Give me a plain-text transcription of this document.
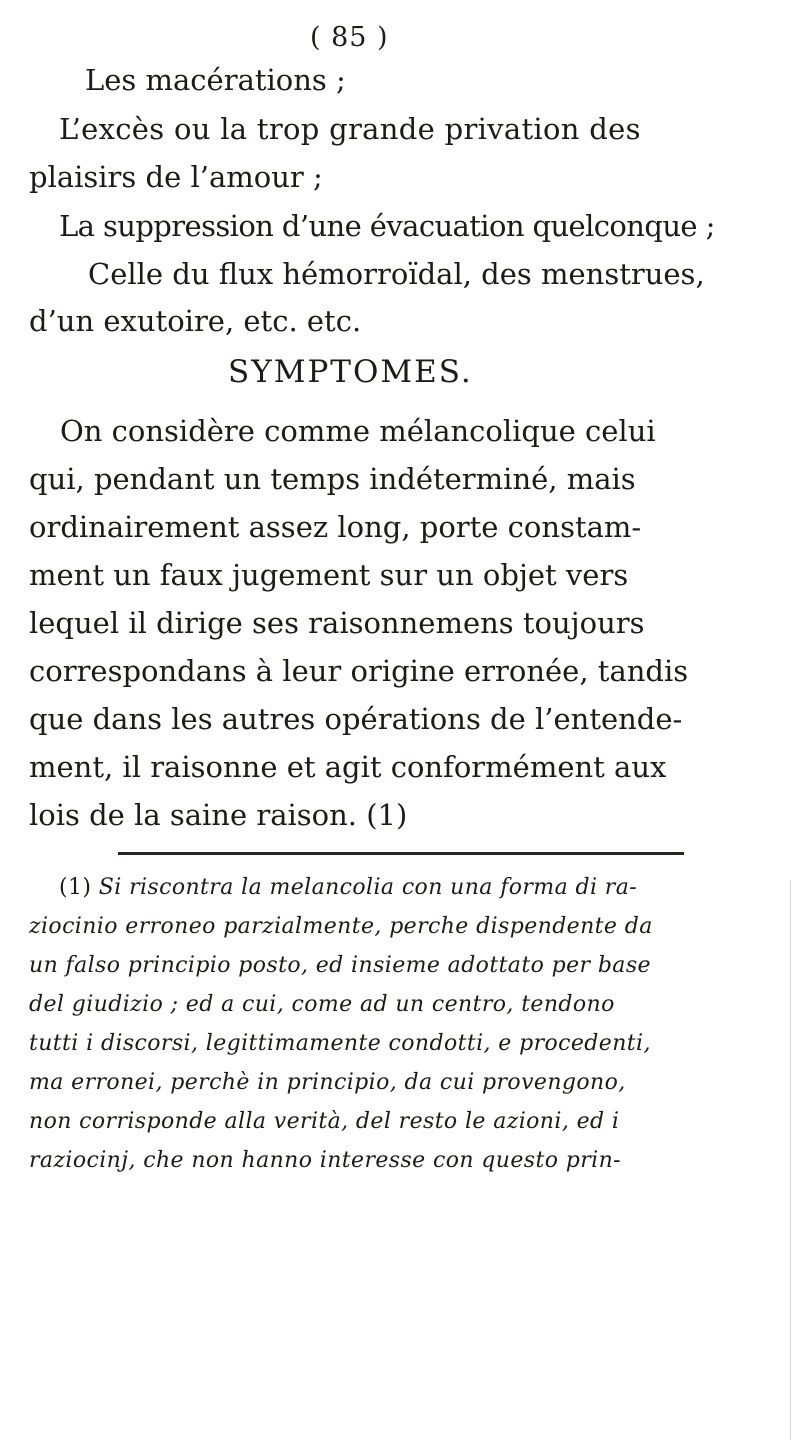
( 85 )
Les macérations ;
L’excès ou la trop grande privation des
plaisirs de l’amour ;
La suppression d’une évacuation quelconque ;
Celle du flux hémorroïdal, des menstrues,
SYMPTOMES.
On considère comme mélancolique celui
qui, pendant un temps indéterminé, mais
ordinairement assez long, porte constam-
ment un faux jugement sur un objet vers
lequel il dirige ses raisonnemens toujours
correspondans à leur origine erronée, tandis
que dans les autres opérations de l’entende-
ment, il raisonne et agit conformément aux
(1) Si riscontra la melancolia con una forma di ra-
ziocinio erroneo parzialmente, perche dispendente da
un falso principio posto, ed insieme adottato per base
del giudizio ; ed a cui, come ad un centro, tendono
tutti i discorsi, legittimamente condotti, e procedenti,
ma erronei, perchè in principio, da cui provengono,
non corrisponde alla verità, del resto le azioni, ed i
raziocinj, che non hanno interesse con questo prin-
d’un exutoire, etc. etc.
lois de la saine raison. (1)
